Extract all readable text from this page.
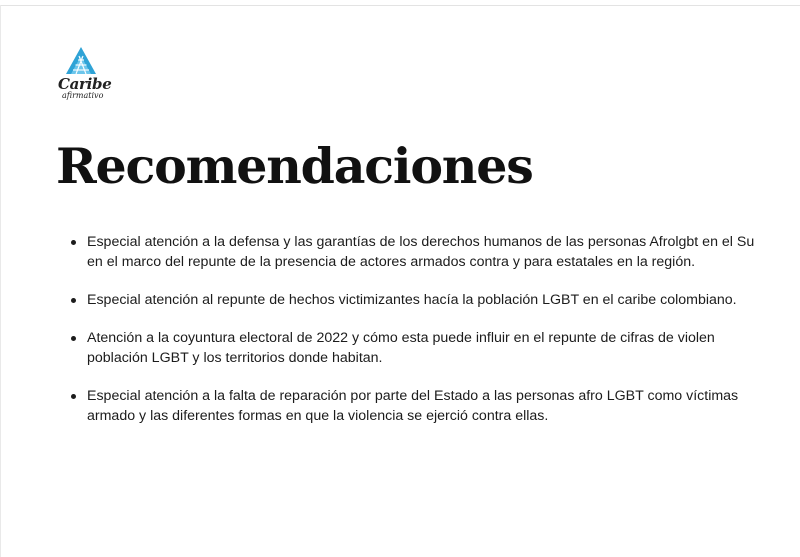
Caribe
afirmativo
Recomendaciones
Especial atención a la defensa y las garantías de los derechos humanos de las personas Afrolgbt en el Su
en el marco del repunte de la presencia de actores armados contra y para estatales en la región.
Especial atención al repunte de hechos victimizantes hacía la población LGBT en el caribe colombiano.
Atención a la coyuntura electoral de 2022 y cómo esta puede influir en el repunte de cifras de violen
población LGBT y los territorios donde habitan.
Especial atención a la falta de reparación por parte del Estado a las personas afro LGBT como víctimas
armado y las diferentes formas en que la violencia se ejerció contra ellas.
